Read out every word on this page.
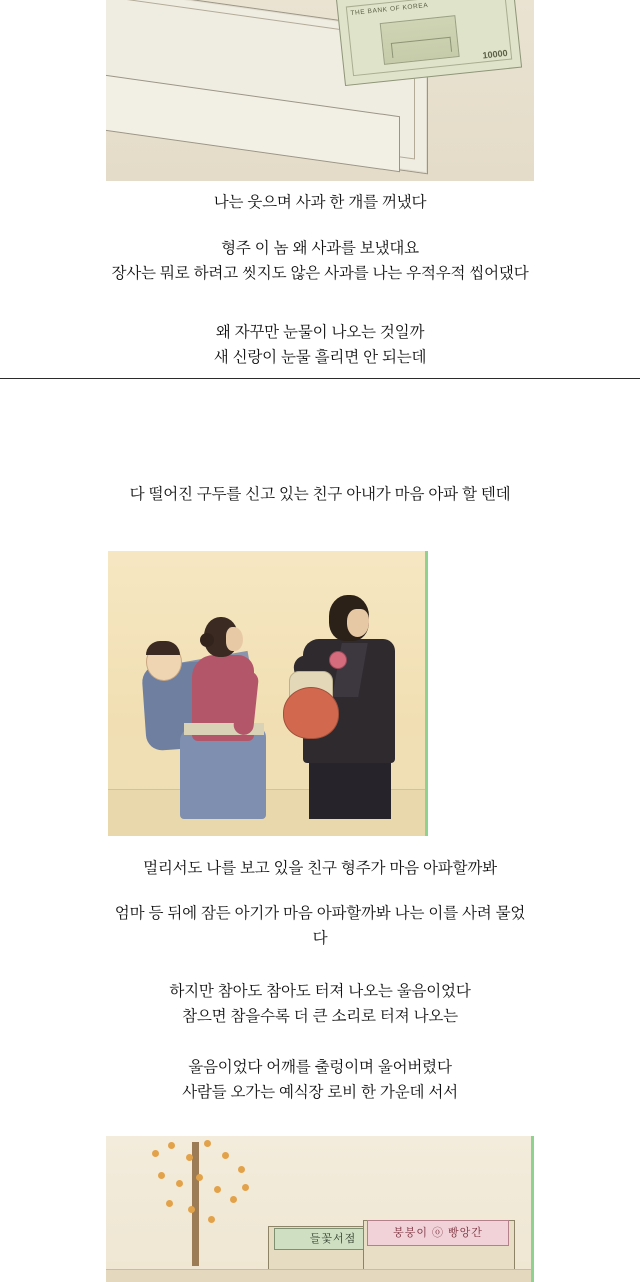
THE BANK OF KOREA
10000
나는 웃으며 사과 한 개를 꺼냈다
형주 이 놈 왜 사과를 보냈대요
장사는 뭐로 하려고 씻지도 않은 사과를 나는 우적우적 씹어댔다
왜 자꾸만 눈물이 나오는 것일까
새 신랑이 눈물 흘리면 안 되는데
다 떨어진 구두를 신고 있는 친구 아내가 마음 아파 할 텐데
멀리서도 나를 보고 있을 친구 형주가 마음 아파할까봐
엄마 등 뒤에 잠든 아기가 마음 아파할까봐 나는 이를 사려 물었
다
하지만 참아도 참아도 터져 나오는 울음이었다
참으면 참을수록 더 큰 소리로 터져 나오는
울음이었다 어깨를 출렁이며 울어버렸다
사람들 오가는 예식장 로비 한 가운데 서서
들꽃서점	붕붕이 ⓞ 빵앙간
